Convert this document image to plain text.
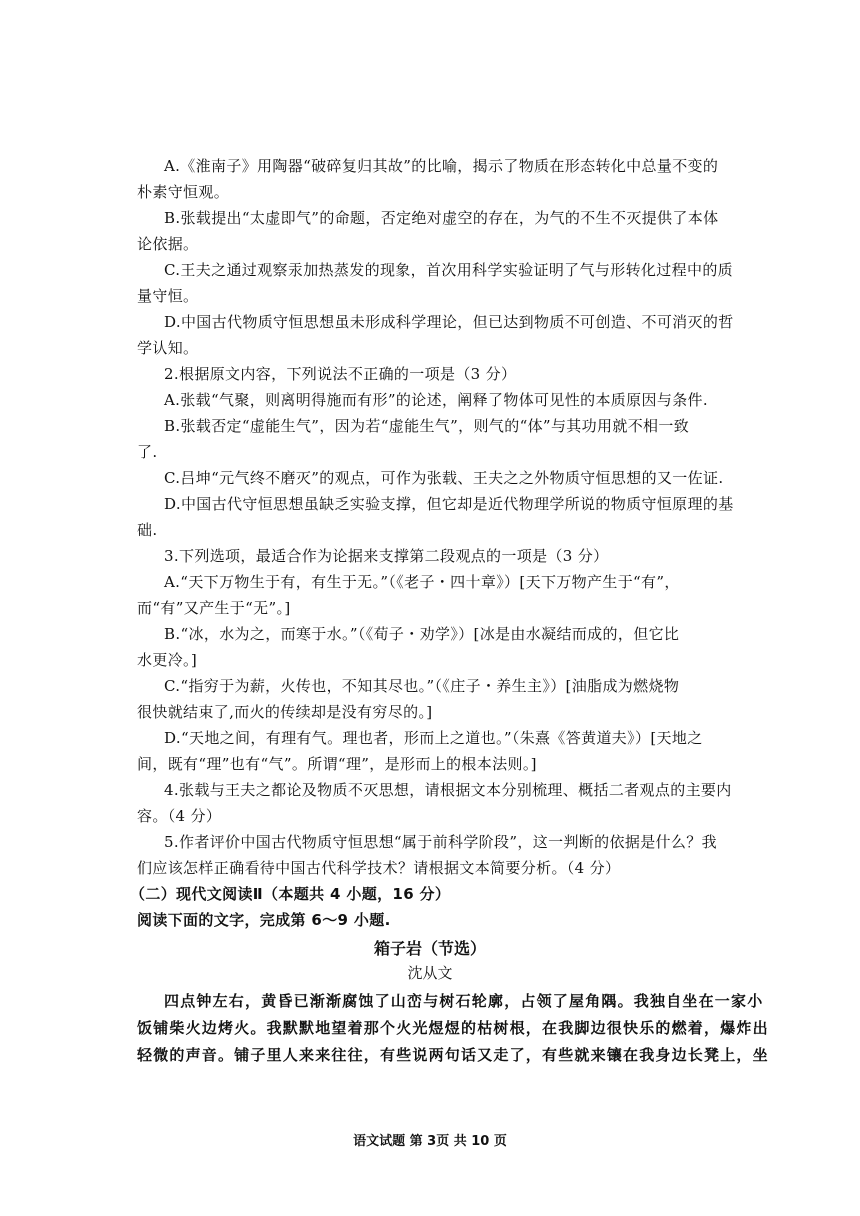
A.《淮南子》用陶器“破碎复归其故”的比喻，揭示了物质在形态转化中总量不变的
朴素守恒观。
B.张载提出“太虚即气”的命题，否定绝对虚空的存在，为气的不生不灭提供了本体
论依据。
C.王夫之通过观察汞加热蒸发的现象，首次用科学实验证明了气与形转化过程中的质
量守恒。
D.中国古代物质守恒思想虽未形成科学理论，但已达到物质不可创造、不可消灭的哲
学认知。
2.根据原文内容，下列说法不正确的一项是（3 分）
A.张载“气聚，则离明得施而有形”的论述，阐释了物体可见性的本质原因与条件.
B.张载否定“虚能生气”，因为若“虚能生气”，则气的“体”与其功用就不相一致
了.
C.吕坤“元气终不磨灭”的观点，可作为张载、王夫之之外物质守恒思想的又一佐证.
D.中国古代守恒思想虽缺乏实验支撑，但它却是近代物理学所说的物质守恒原理的基
础.
3.下列选项，最适合作为论据来支撑第二段观点的一项是（3 分）
A.“天下万物生于有，有生于无。”（《老子・四十章》）[天下万物产生于“有”，
而“有”又产生于“无”。]
B.“冰，水为之，而寒于水。”（《荀子・劝学》）[冰是由水凝结而成的，但它比
水更冷。]
C.“指穷于为薪，火传也，不知其尽也。”（《庄子・养生主》）[油脂成为燃烧物
很快就结束了,而火的传续却是没有穷尽的。]
D.“天地之间，有理有气。理也者，形而上之道也。”（朱熹《答黄道夫》）[天地之
间，既有“理”也有“气”。所谓“理”，是形而上的根本法则。]
4.张载与王夫之都论及物质不灭思想，请根据文本分别梳理、概括二者观点的主要内
容。（4 分）
5.作者评价中国古代物质守恒思想“属于前科学阶段”，这一判断的依据是什么？我
们应该怎样正确看待中国古代科学技术？请根据文本简要分析。（4 分）
（二）现代文阅读Ⅱ（本题共 4 小题，16 分）
阅读下面的文字，完成第 6～9 小题.
箱子岩（节选）
沈从文
四点钟左右，黄昏已渐渐腐蚀了山峦与树石轮廓，占领了屋角隅。我独自坐在一家小
饭铺柴火边烤火。我默默地望着那个火光煜煜的枯树根，在我脚边很快乐的燃着，爆炸出
轻微的声音。铺子里人来来往往，有些说两句话又走了，有些就来镶在我身边长凳上，坐
语文试题 第 3页 共 10 页
